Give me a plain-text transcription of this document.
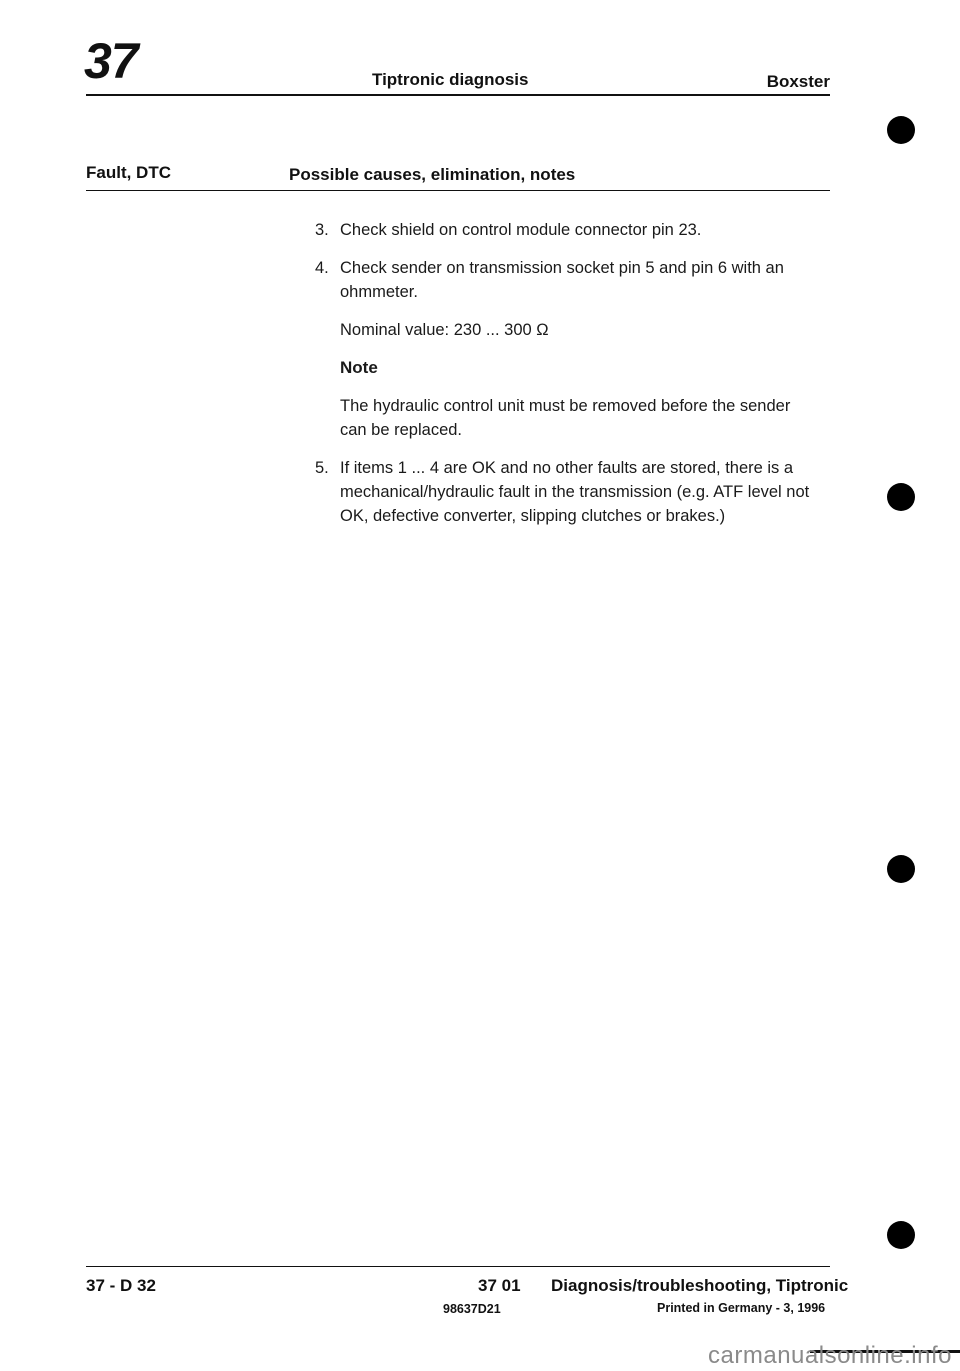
37	Tiptronic diagnosis	Boxster
Fault, DTC	Possible causes, elimination, notes
3. Check shield on control module connector pin 23.
4. Check sender on transmission socket pin 5 and pin 6 with an ohmmeter.
Nominal value: 230 ... 300 Ω
Note
The hydraulic control unit must be removed before the sender can be replaced.
5. If items 1 ... 4 are OK and no other faults are stored, there is a mechanical/hydraulic fault in the transmission (e.g. ATF level not OK, defective converter, slipping clutches or brakes.)
37 - D 32	37 01 Diagnosis/troubleshooting, Tiptronic
98637D21	Printed in Germany - 3, 1996
carmanualsonline.info
